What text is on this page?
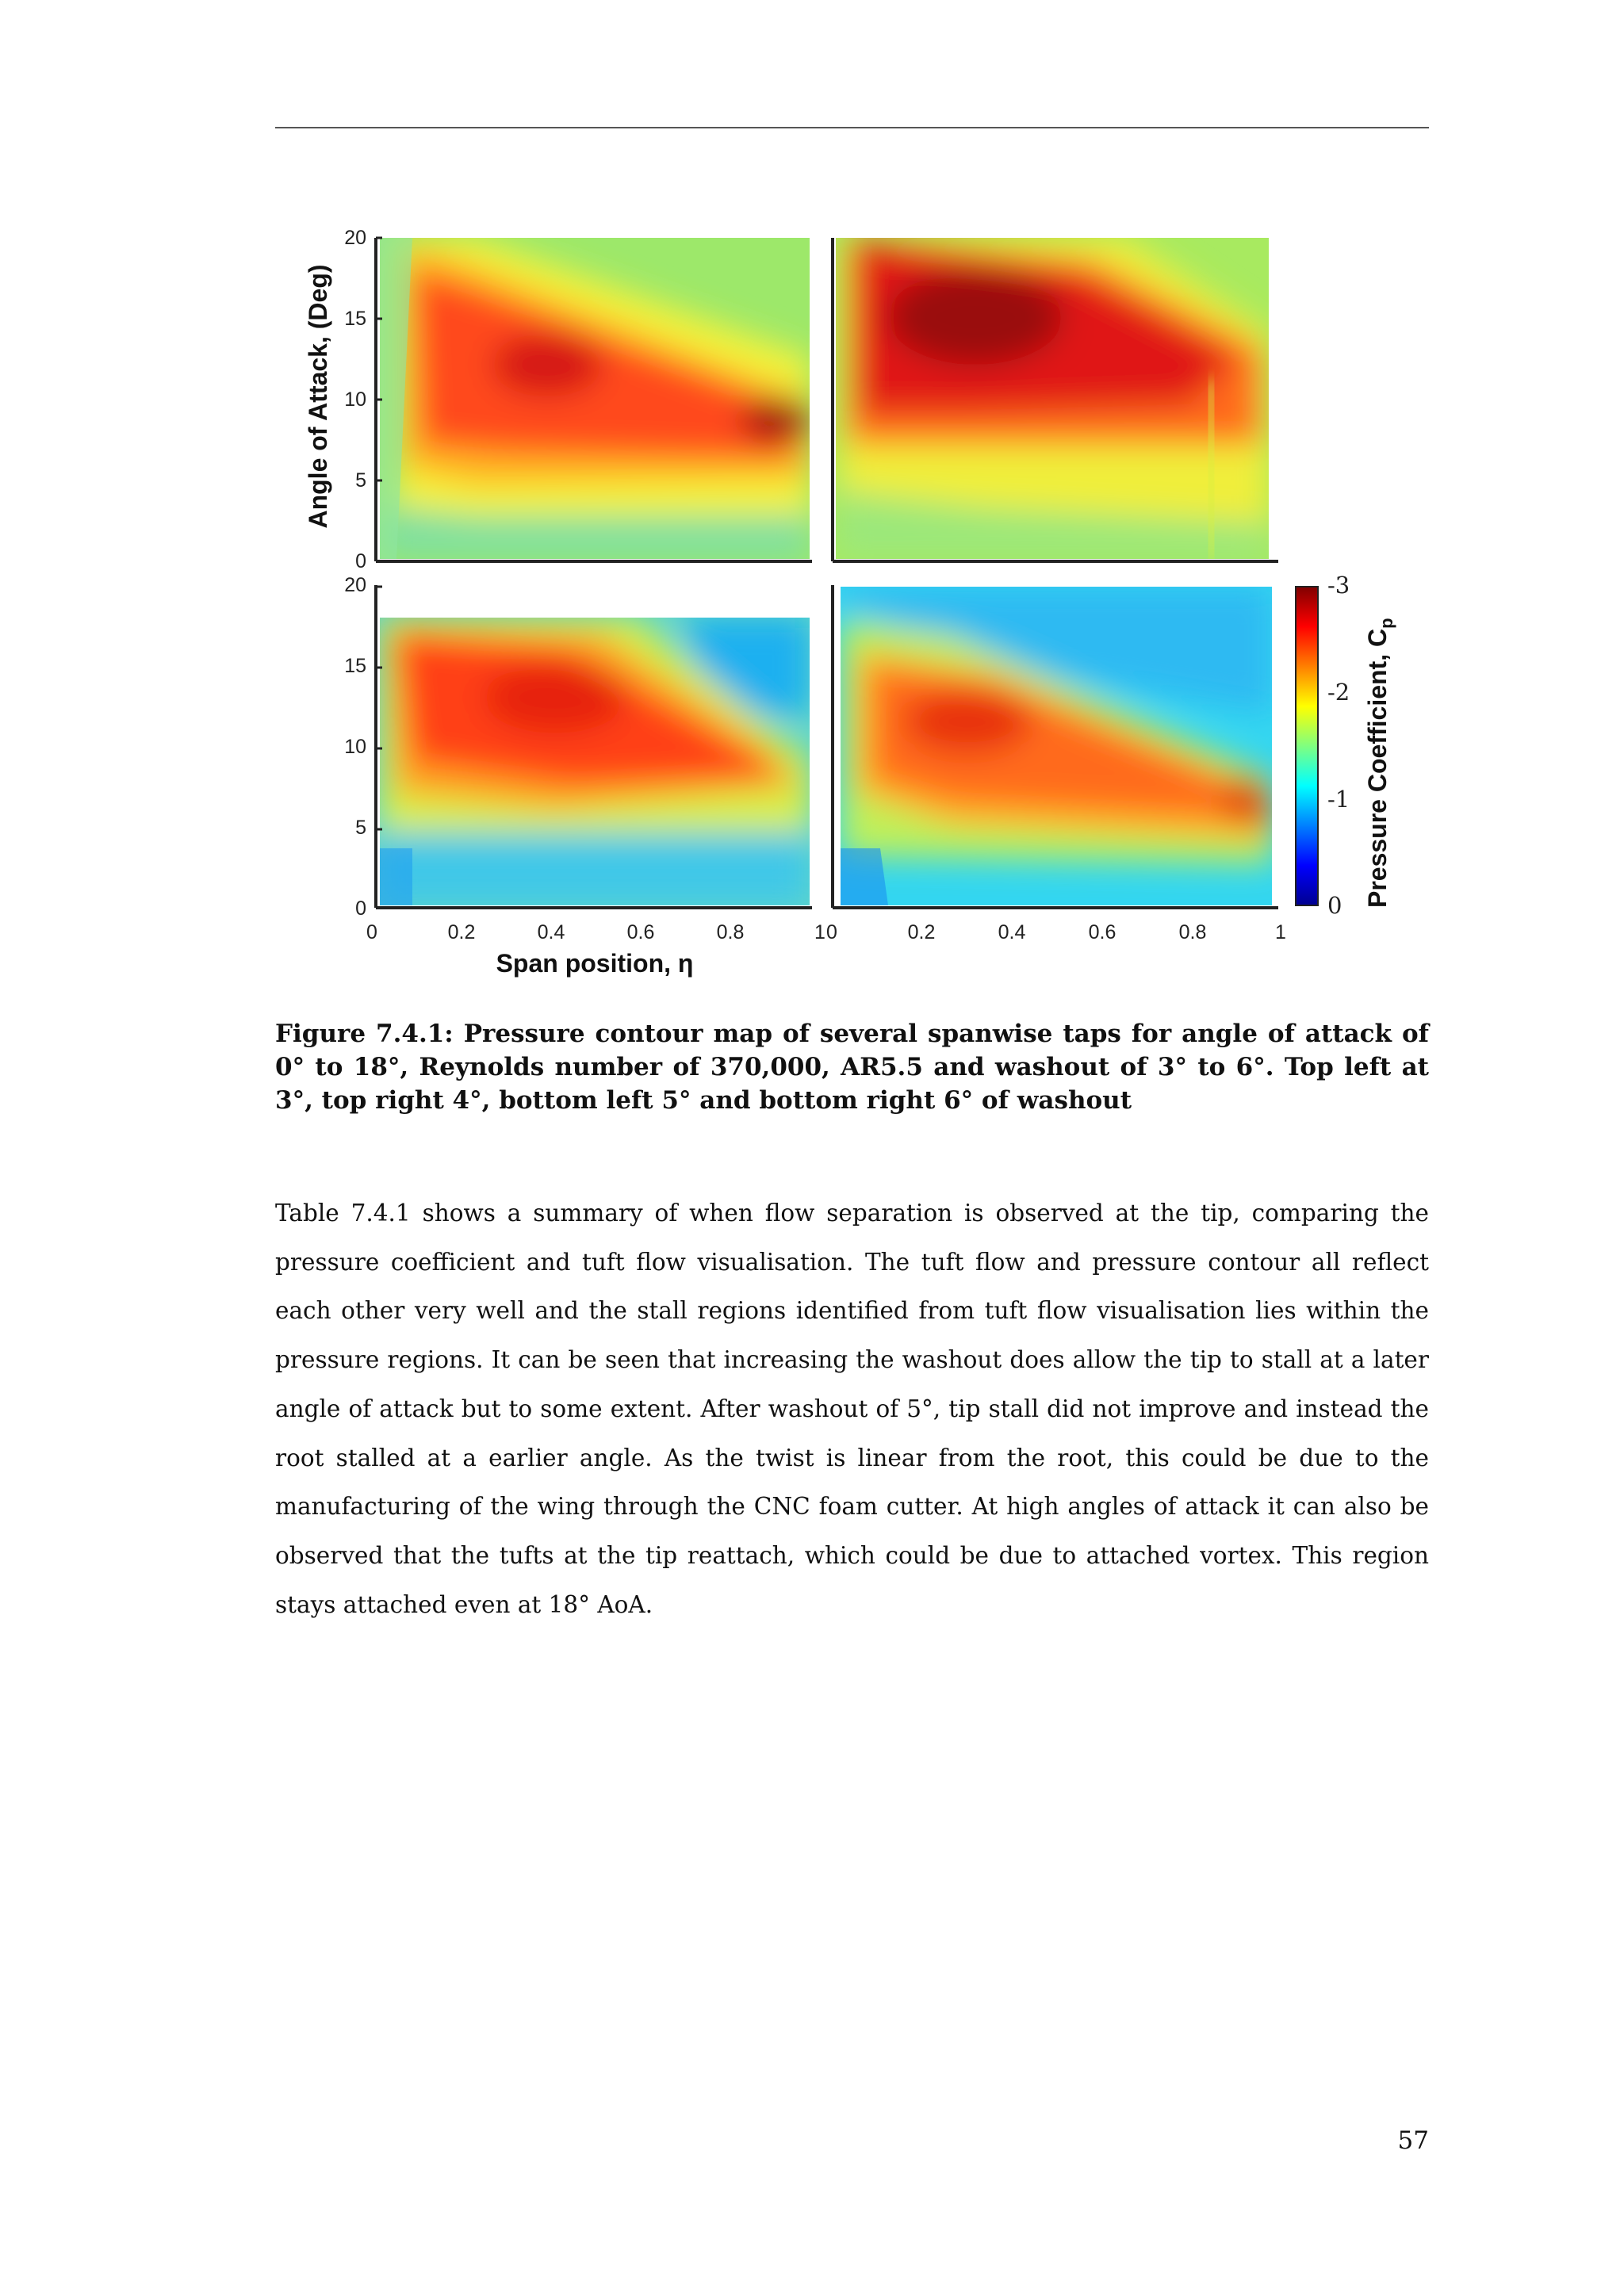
20
15
10
5
0
20
15
10
5
0
0	0.2	0.4	0.6	0.8	1 0	0.2	0.4	0.6	0.8	1
Angle of Attack, (Deg)
Span position, η
-3
-2
-1
0 Pressure Coefficient, $C_p$
Figure 7.4.1: Pressure contour map of several spanwise taps for angle of attack of 0° to 18°, Reynolds number of 370,000, AR5.5 and washout of 3° to 6°. Top left at 3°, top right 4°, bottom left 5° and bottom right 6° of washout
Table 7.4.1 shows a summary of when flow separation is observed at the tip, comparing the pressure coefficient and tuft flow visualisation. The tuft flow and pressure contour all reflect each other very well and the stall regions identified from tuft flow visualisation lies within the pressure regions. It can be seen that increasing the washout does allow the tip to stall at a later angle of attack but to some extent. After washout of 5°, tip stall did not improve and instead the root stalled at a earlier angle. As the twist is linear from the root, this could be due to the manufacturing of the wing through the CNC foam cutter. At high angles of attack it can also be observed that the tufts at the tip reattach, which could be due to attached vortex. This region stays attached even at 18° AoA.
57
